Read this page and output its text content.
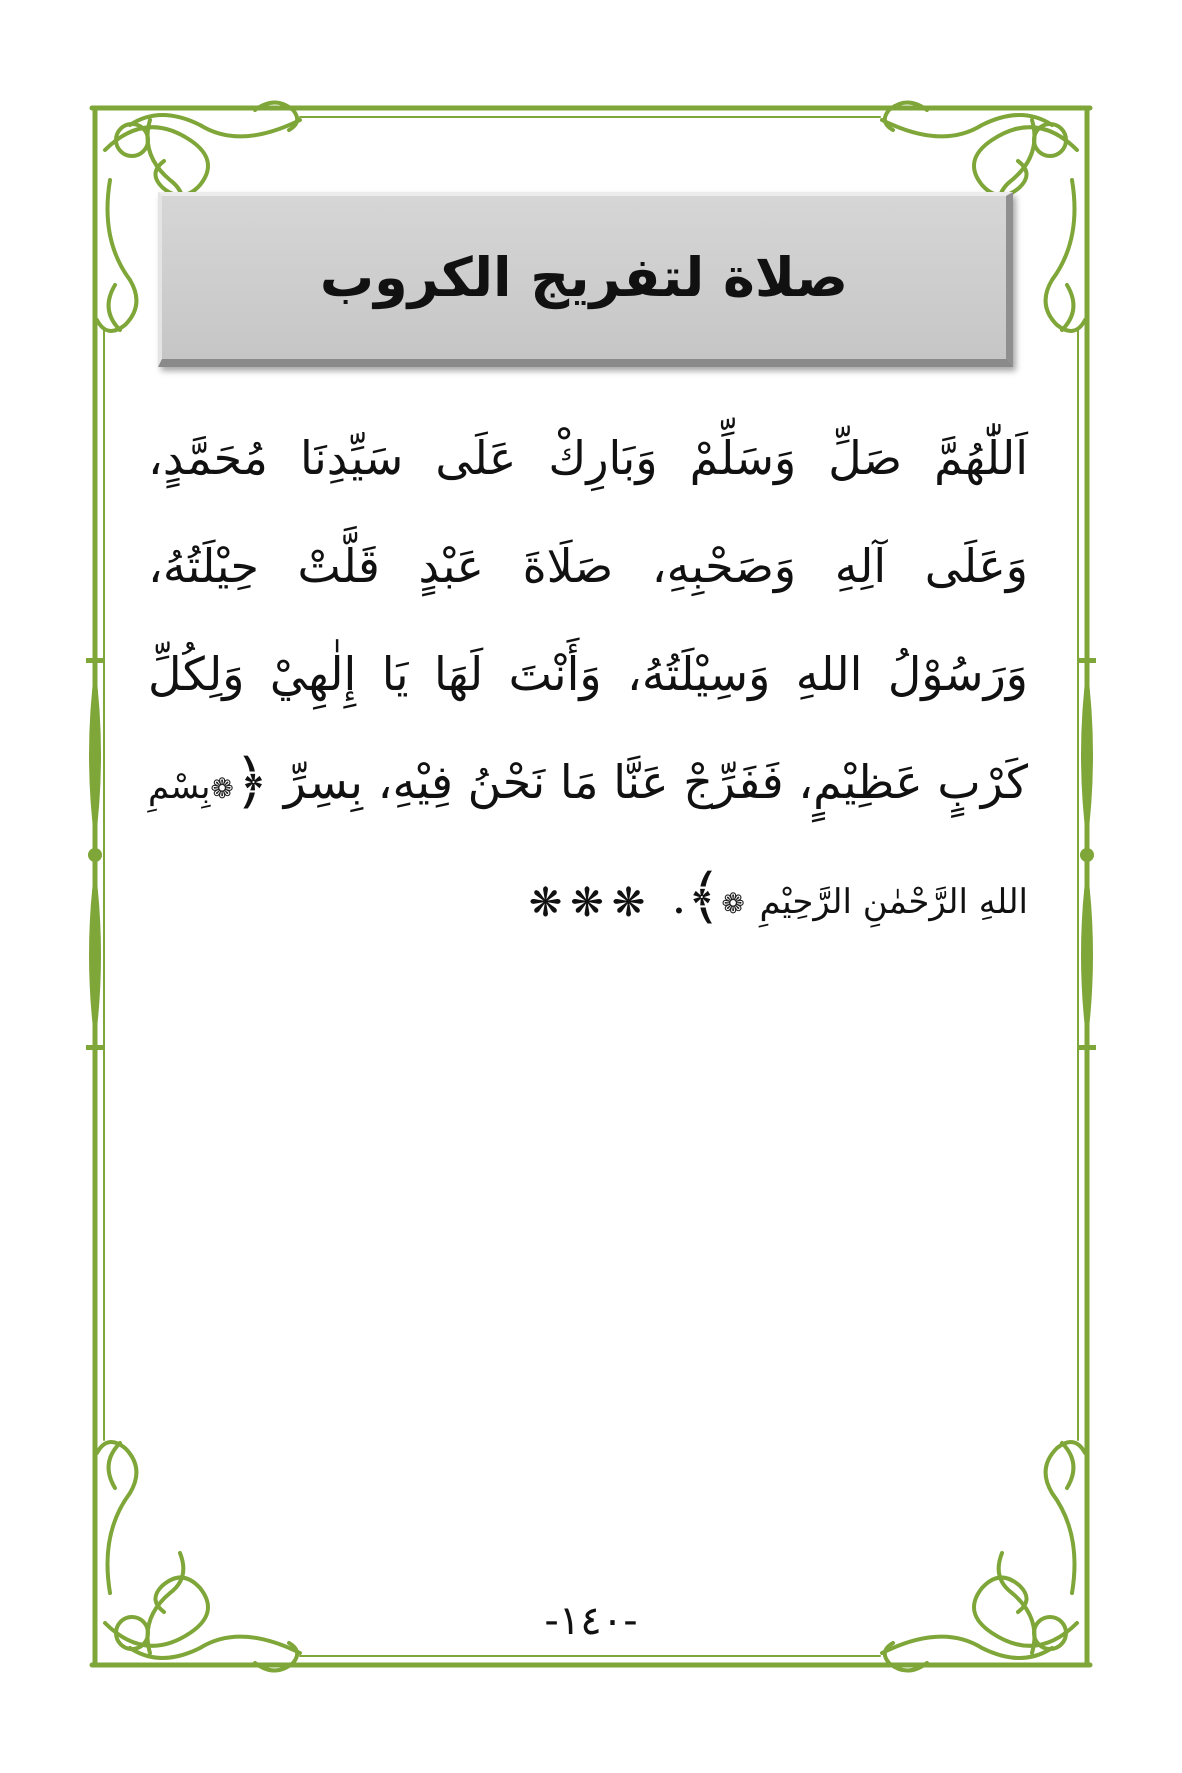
صلاة لتفريج الكروب

اَللّٰهُمَّ صَلِّ وَسَلِّمْ وَبَارِكْ عَلَى سَيِّدِنَا مُحَمَّدٍ، وَعَلَى آلِهِ وَصَحْبِهِ، صَلَاةَ عَبْدٍ قَلَّتْ حِيْلَتُهُ، وَرَسُوْلُ اللهِ وَسِيْلَتُهُ، وَأَنْتَ لَهَا يَا إِلٰهِيْ وَلِكُلِّ كَرْبٍ عَظِيْمٍ، فَفَرِّجْ عَنَّا مَا نَحْنُ فِيْهِ، بِسِرِّ ﴿❁بِسْمِ اللهِ الرَّحْمٰنِ الرَّحِيْمِ ❁﴾.

❋❋❋
-١٤٠-
